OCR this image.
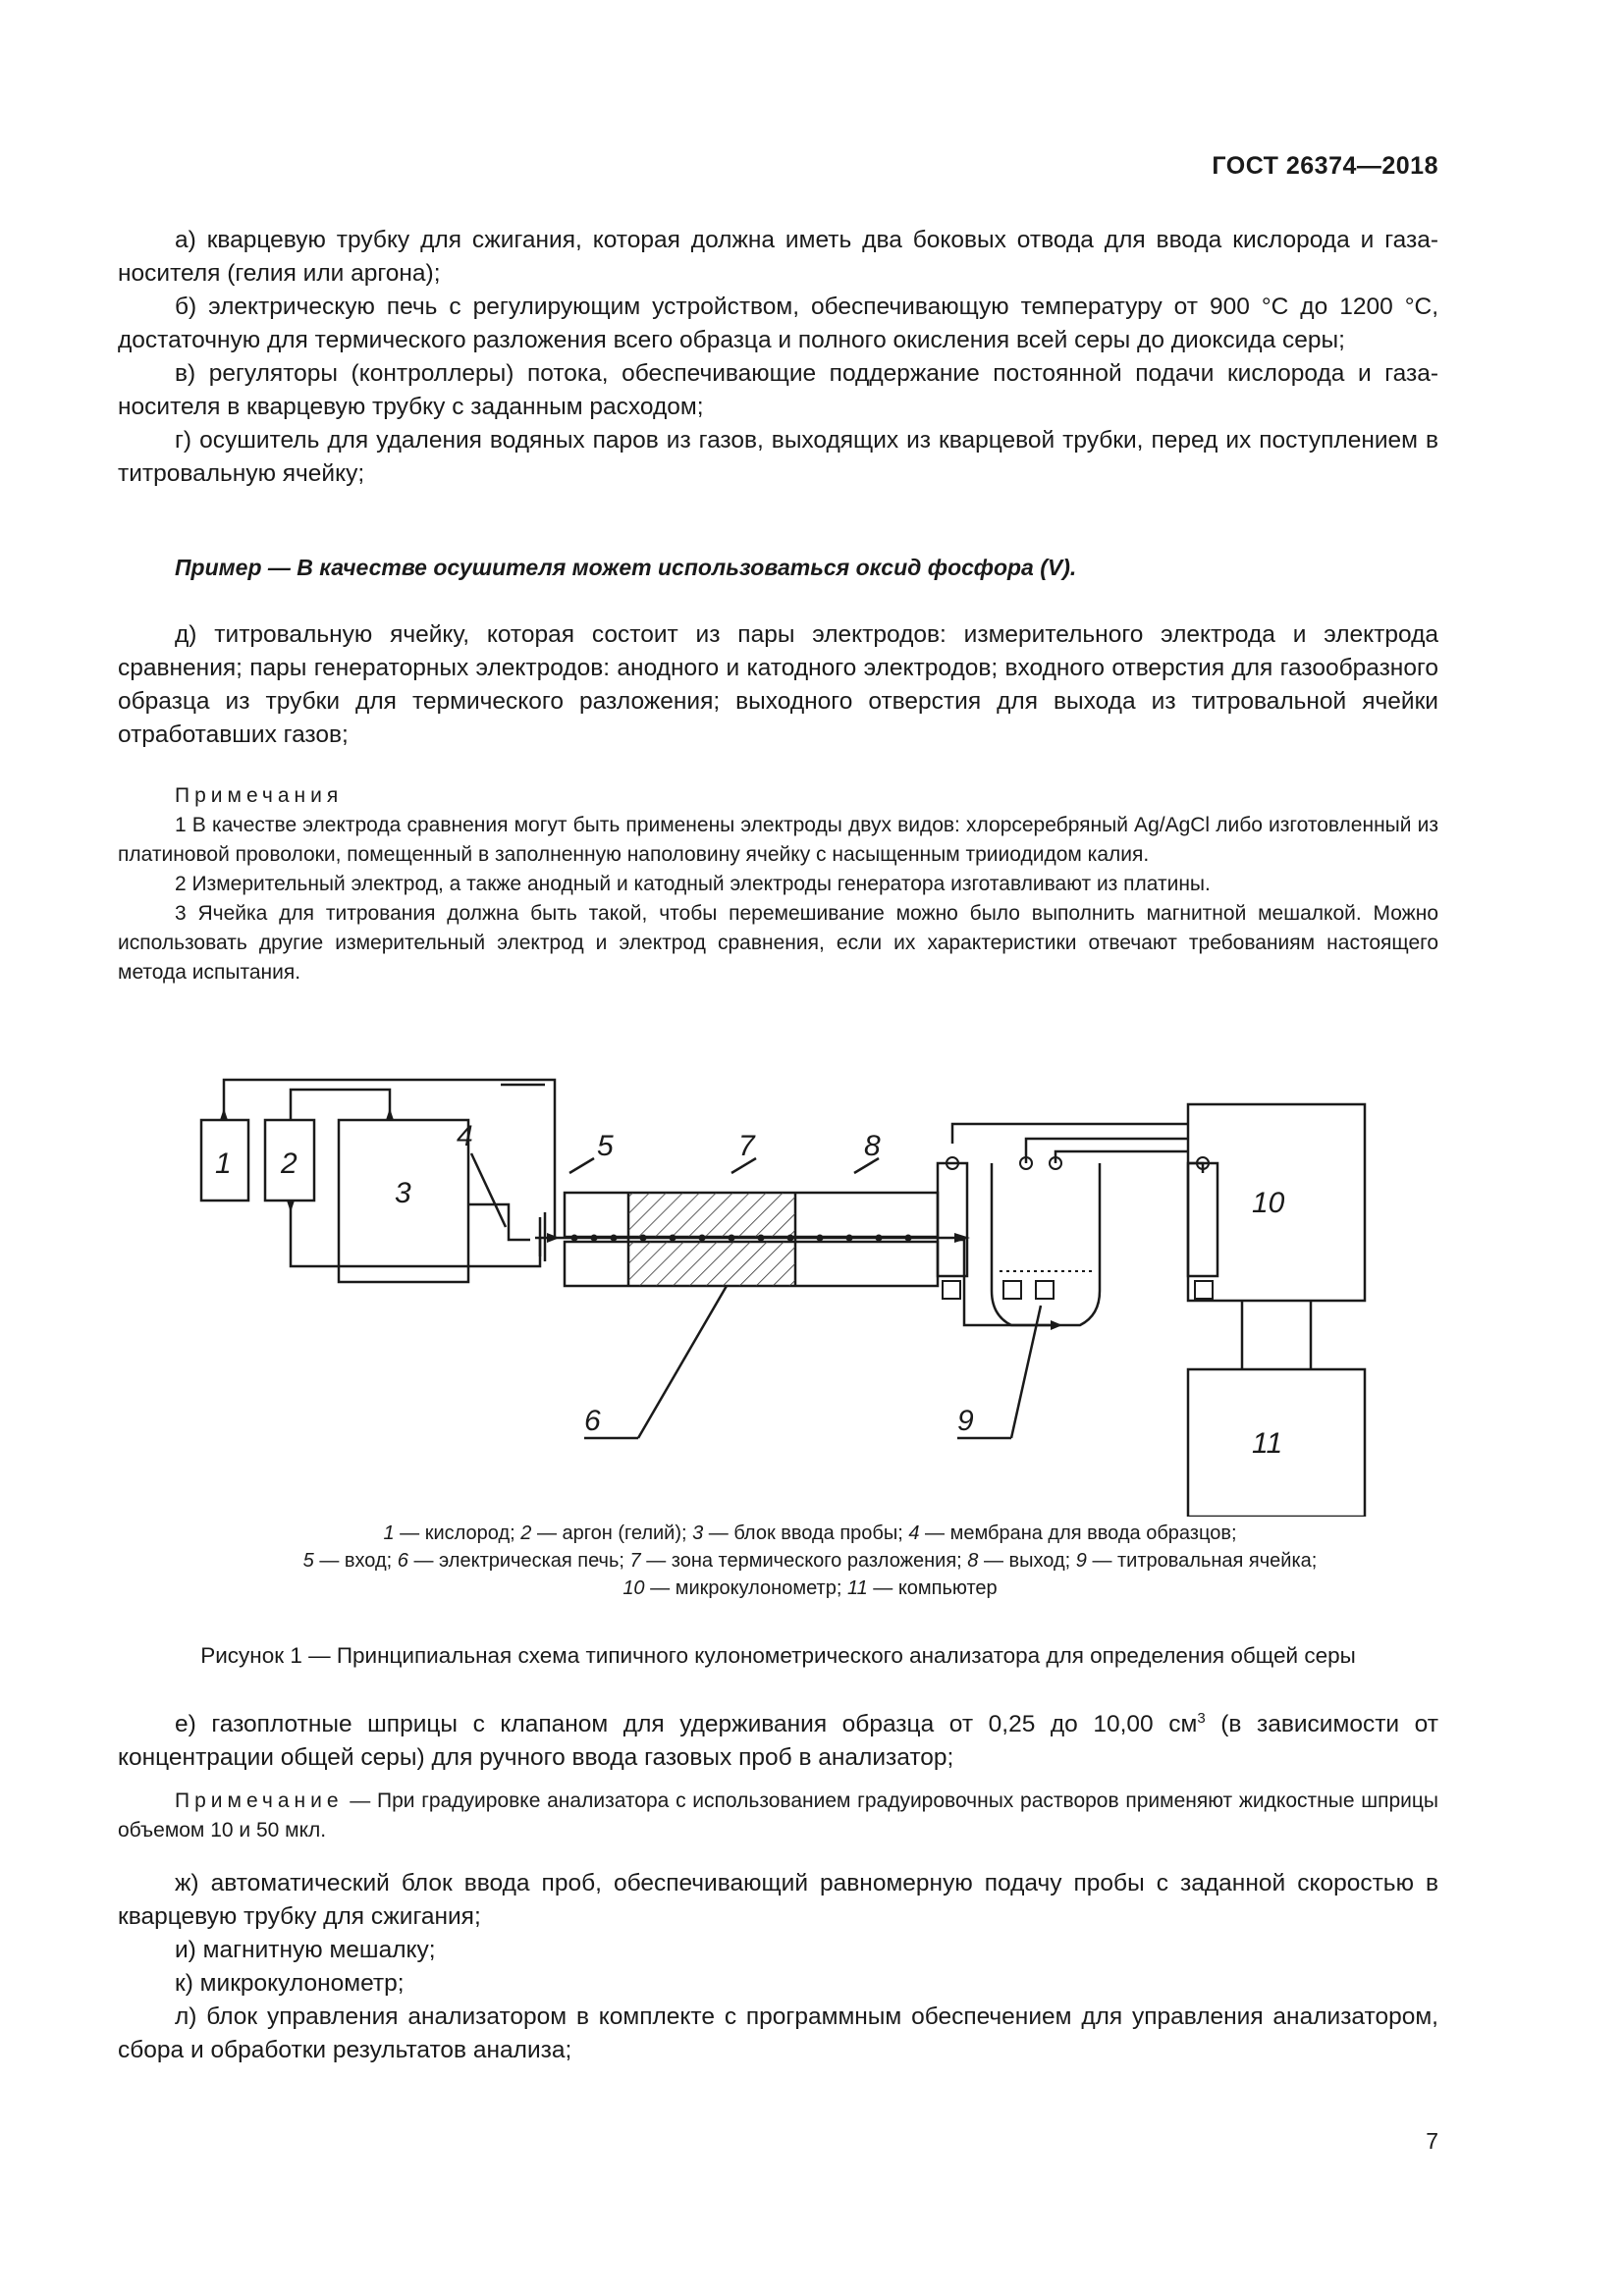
ГОСТ 26374—2018

а) кварцевую трубку для сжигания, которая должна иметь два боковых отвода для ввода кислорода и газа-носителя (гелия или аргона);

б) электрическую печь с регулирующим устройством, обеспечивающую температуру от 900 °С до 1200 °С, достаточную для термического разложения всего образца и полного окисления всей серы до диоксида серы;

в) регуляторы (контроллеры) потока, обеспечивающие поддержание постоянной подачи кислорода и газа-носителя в кварцевую трубку с заданным расходом;

г) осушитель для удаления водяных паров из газов, выходящих из кварцевой трубки, перед их поступлением в титровальную ячейку;

Пример — В качестве осушителя может использоваться оксид фосфора (V).

д) титровальную ячейку, которая состоит из пары электродов: измерительного электрода и электрода сравнения; пары генераторных электродов: анодного и катодного электродов; входного отверстия для газообразного образца из трубки для термического разложения; выходного отверстия для выхода из титровальной ячейки отработавших газов;

Примечания

1 В качестве электрода сравнения могут быть применены электроды двух видов: хлорсеребряный Ag/AgCl либо изготовленный из платиновой проволоки, помещенный в заполненную наполовину ячейку с насыщенным трииодидом калия.

2 Измерительный электрод, а также анодный и катодный электроды генератора изготавливают из платины.

3 Ячейка для титрования должна быть такой, чтобы перемешивание можно было выполнить магнитной мешалкой. Можно использовать другие измерительный электрод и электрод сравнения, если их характеристики отвечают требованиям настоящего метода испытания.

1 2
3
4	5
6
7	8
9
10
11
1 — кислород; 2 — аргон (гелий); 3 — блок ввода пробы; 4 — мембрана для ввода образцов;
5 — вход; 6 — электрическая печь; 7 — зона термического разложения; 8 — выход; 9 — титровальная ячейка;
10 — микрокулонометр; 11 — компьютер
Рисунок 1 — Принципиальная схема типичного кулонометрического анализатора для определения общей серы

е) газоплотные шприцы с клапаном для удерживания образца от 0,25 до 10,00 $см^3$ (в зависимости от концентрации общей серы) для ручного ввода газовых проб в анализатор;

Примечание — При градуировке анализатора с использованием градуировочных растворов применяют жидкостные шприцы объемом 10 и 50 мкл.

ж) автоматический блок ввода проб, обеспечивающий равномерную подачу пробы с заданной скоростью в кварцевую трубку для сжигания;

и) магнитную мешалку;

к) микрокулонометр;

л) блок управления анализатором в комплекте с программным обеспечением для управления анализатором, сбора и обработки результатов анализа;

7
